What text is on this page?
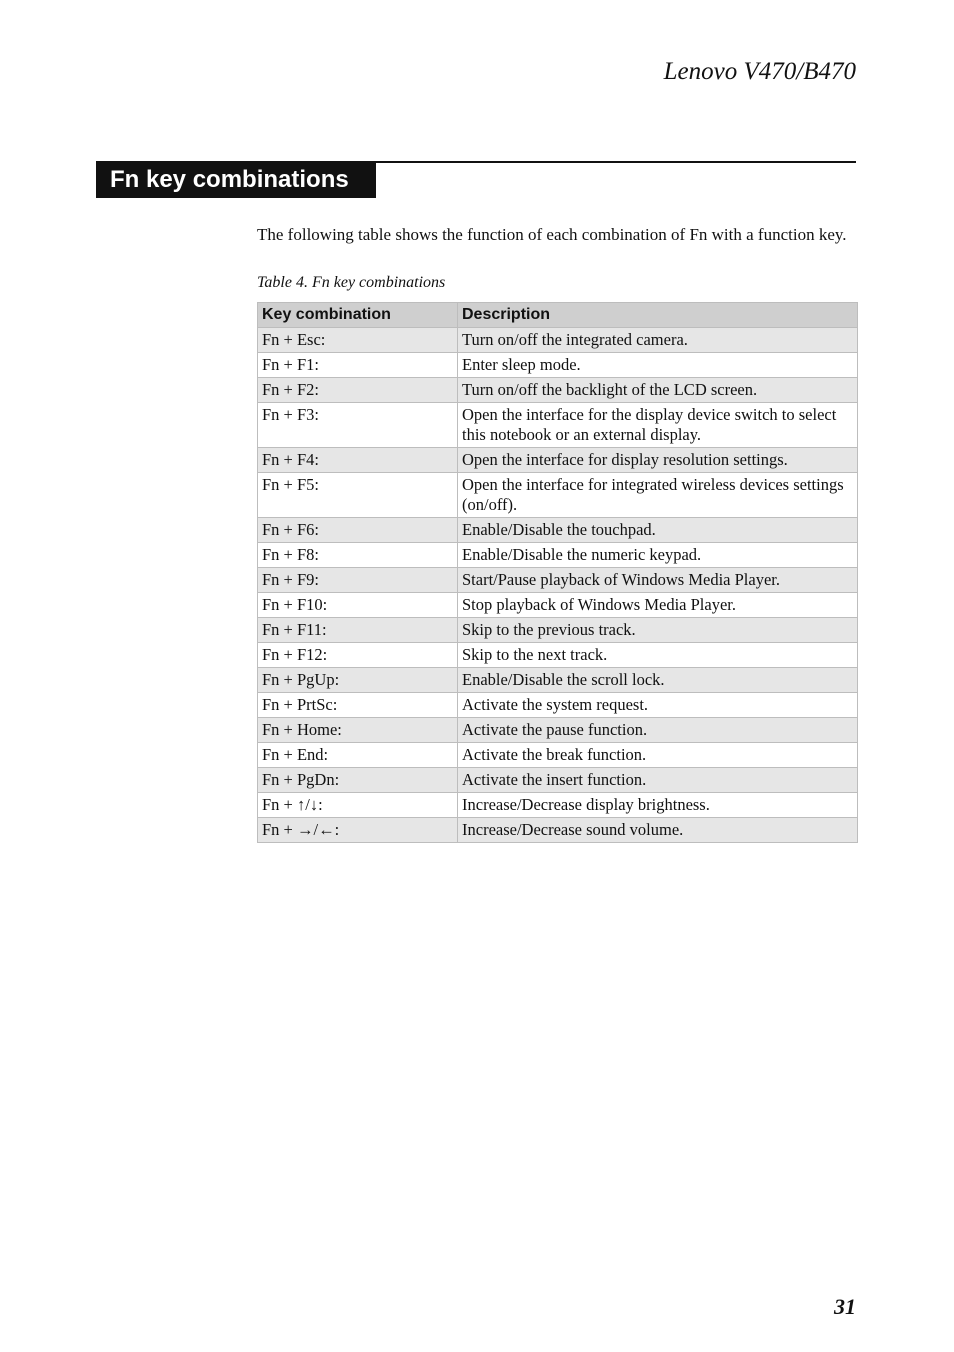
Lenovo V470/B470
Fn key combinations
The following table shows the function of each combination of Fn with a function key.
Table 4. Fn key combinations
Key combination	Description
Fn + Esc:	Turn on/off the integrated camera.
Fn + F1:	Enter sleep mode.
Fn + F2:	Turn on/off the backlight of the LCD screen.
Fn + F3:	Open the interface for the display device switch to select this notebook or an external display.
Fn + F4:	Open the interface for display resolution settings.
Fn + F5:	Open the interface for integrated wireless devices settings (on/off).
Fn + F6:	Enable/Disable the touchpad.
Fn + F8:	Enable/Disable the numeric keypad.
Fn + F9:	Start/Pause playback of Windows Media Player.
Fn + F10:	Stop playback of Windows Media Player.
Fn + F11:	Skip to the previous track.
Fn + F12:	Skip to the next track.
Fn + PgUp:	Enable/Disable the scroll lock.
Fn + PrtSc:	Activate the system request.
Fn + Home:	Activate the pause function.
Fn + End:	Activate the break function.
Fn + PgDn:	Activate the insert function.
Fn + ↑/↓:	Increase/Decrease display brightness.
Fn + →/←:	Increase/Decrease sound volume.
31
